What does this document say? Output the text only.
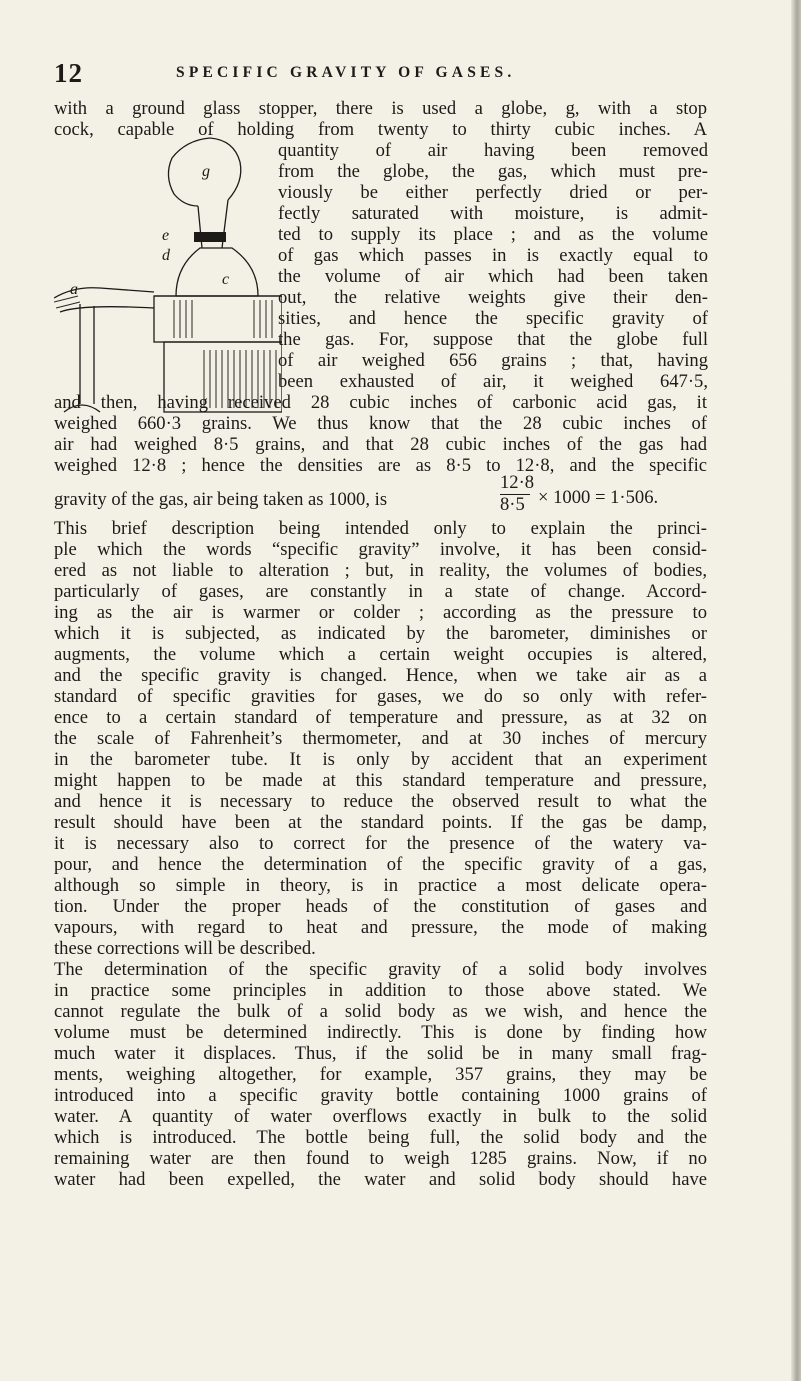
12	SPECIFIC GRAVITY OF GASES.
g
e
d
c
a
with a ground glass stopper, there is used a globe, g, with a stop
cock, capable of holding from twenty to thirty cubic inches. A
quantity of air having been removed
from the globe, the gas, which must pre-
viously be either perfectly dried or per-
fectly saturated with moisture, is admit-
ted to supply its place ; and as the volume
of gas which passes in is exactly equal to
the volume of air which had been taken
out, the relative weights give their den-
sities, and hence the specific gravity of
the gas. For, suppose that the globe full
of air weighed 656 grains ; that, having
been exhausted of air, it weighed 647·5,
and then, having received 28 cubic inches of carbonic acid gas, it
weighed 660·3 grains. We thus know that the 28 cubic inches of
air had weighed 8·5 grains, and that 28 cubic inches of the gas had
weighed 12·8 ; hence the densities are as 8·5 to 12·8, and the specific
gravity of the gas, air being taken as 1000, is
12·8
8·5 × 1000 = 1·506.
This brief description being intended only to explain the princi-
ple which the words “specific gravity” involve, it has been consid-
ered as not liable to alteration ; but, in reality, the volumes of bodies,
particularly of gases, are constantly in a state of change. Accord-
ing as the air is warmer or colder ; according as the pressure to
which it is subjected, as indicated by the barometer, diminishes or
augments, the volume which a certain weight occupies is altered,
and the specific gravity is changed. Hence, when we take air as a
standard of specific gravities for gases, we do so only with refer-
ence to a certain standard of temperature and pressure, as at 32 on
the scale of Fahrenheit’s thermometer, and at 30 inches of mercury
in the barometer tube. It is only by accident that an experiment
might happen to be made at this standard temperature and pressure,
and hence it is necessary to reduce the observed result to what the
result should have been at the standard points. If the gas be damp,
it is necessary also to correct for the presence of the watery va-
pour, and hence the determination of the specific gravity of a gas,
although so simple in theory, is in practice a most delicate opera-
tion. Under the proper heads of the constitution of gases and
vapours, with regard to heat and pressure, the mode of making
these corrections will be described.
The determination of the specific gravity of a solid body involves
in practice some principles in addition to those above stated. We
cannot regulate the bulk of a solid body as we wish, and hence the
volume must be determined indirectly. This is done by finding how
much water it displaces. Thus, if the solid be in many small frag-
ments, weighing altogether, for example, 357 grains, they may be
introduced into a specific gravity bottle containing 1000 grains of
water. A quantity of water overflows exactly in bulk to the solid
which is introduced. The bottle being full, the solid body and the
remaining water are then found to weigh 1285 grains. Now, if no
water had been expelled, the water and solid body should have
